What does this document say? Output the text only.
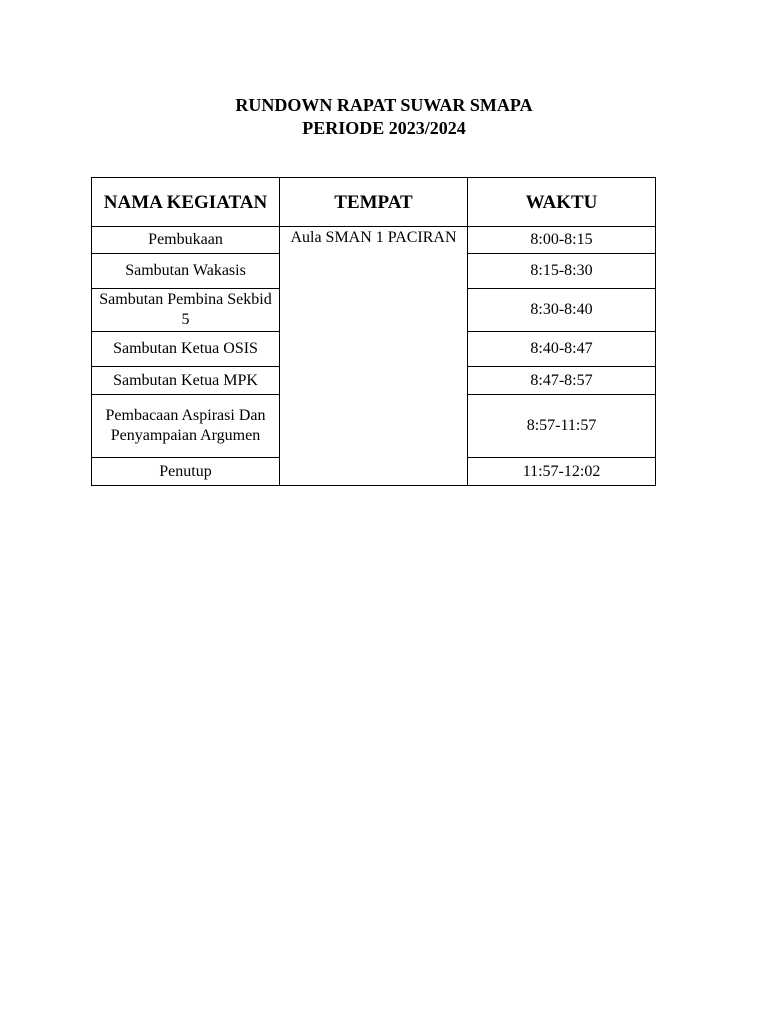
RUNDOWN RAPAT SUWAR SMAPA
PERIODE 2023/2024
NAMA KEGIATAN	TEMPAT	WAKTU
Pembukaan	Aula SMAN 1 PACIRAN	8:00-8:15
Sambutan Wakasis		8:15-8:30
Sambutan Pembina Sekbid 5		8:30-8:40
Sambutan Ketua OSIS		8:40-8:47
Sambutan Ketua MPK		8:47-8:57
Pembacaan Aspirasi Dan Penyampaian Argumen		8:57-11:57
Penutup		11:57-12:02
